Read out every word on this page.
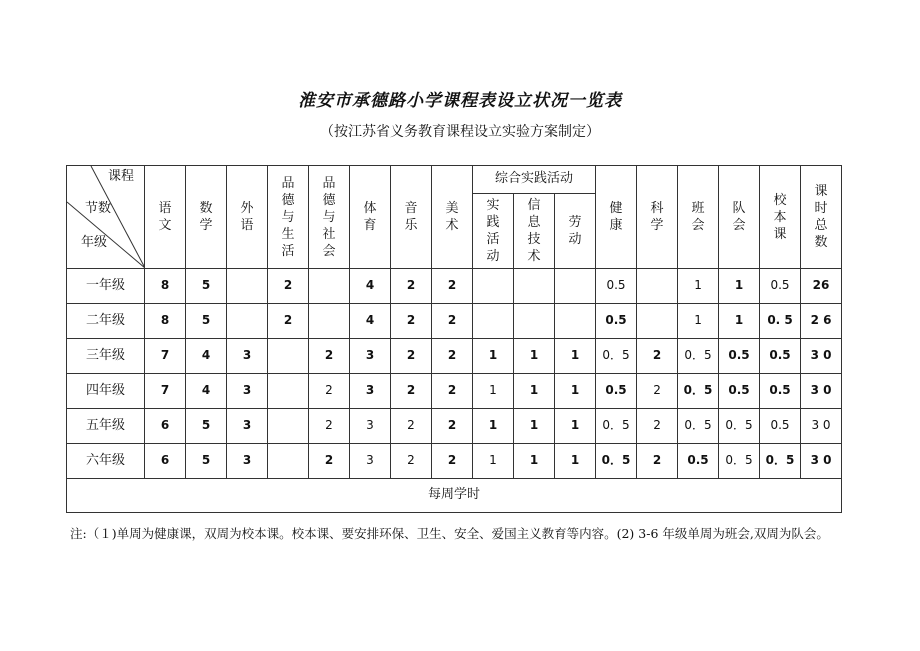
淮安市承德路小学课程表设立状况一览表
（按江苏省义务教育课程设立实验方案制定）
课程
节数
年级	语文	数学	外语	品德与生活	品德与社会	体育	音乐	美术	综合实践活动			健康	科学	班会	队会	校本课	课时总数
									实践活动	信息技术	劳动						
一年级	8	5		2		4	2	2				0.5		1	1	0.5	26
二年级	8	5		2		4	2	2				0.5		1	1	0. 5	2 6
三年级	7	4	3		2	3	2	2	1	1	1	0．5	2	0．5	0.5	0.5	3 0
四年级	7	4	3		2	3	2	2	1	1	1	0.5	2	0．5	0.5	0.5	3 0
五年级	6	5	3		2	3	2	2	1	1	1	0．5	2	0．5	0．5	0.5	3 0
六年级	6	5	3		2	3	2	2	1	1	1	0．5	2	0.5	0．5	0．5	3 0
每周学时																	
注:（１)单周为健康课，双周为校本课。校本课、要安排环保、卫生、安全、爱国主义教育等内容。(2) 3-6 年级单周为班会,双周为队会。
